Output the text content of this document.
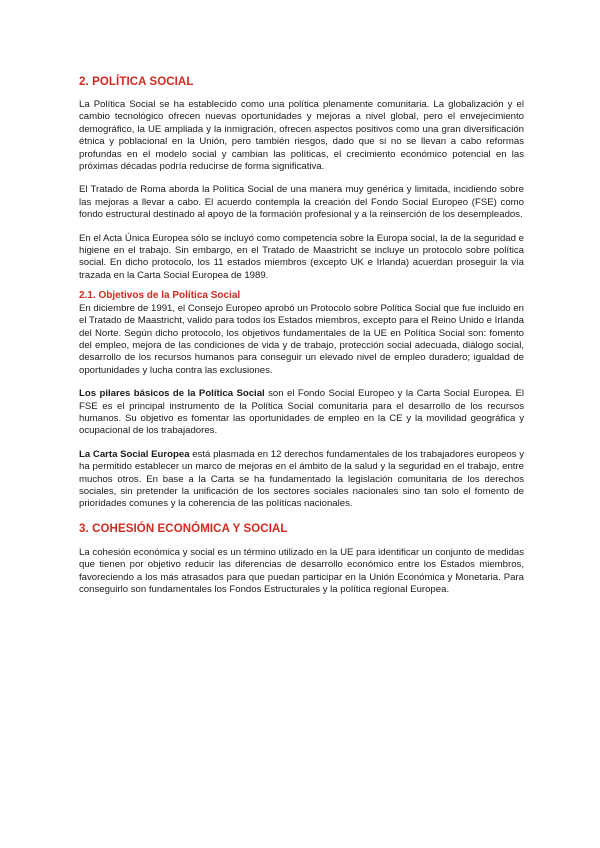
2. POLÍTICA SOCIAL

La Política Social se ha establecido como una política plenamente comunitaria. La globalización y el cambio tecnológico ofrecen nuevas oportunidades y mejoras a nivel global, pero el envejecimiento demográfico, la UE ampliada y la inmigración, ofrecen aspectos positivos como una gran diversificación étnica y poblacional en la Unión, pero también riesgos, dado que si no se llevan a cabo reformas profundas en el modelo social y cambian las políticas, el crecimiento económico potencial en las próximas décadas podría reducirse de forma significativa.

El Tratado de Roma aborda la Política Social de una manera muy genérica y limitada, incidiendo sobre las mejoras a llevar a cabo. El acuerdo contempla la creación del Fondo Social Europeo (FSE) como fondo estructural destinado al apoyo de la formación profesional y a la reinserción de los desempleados.

En el Acta Única Europea sólo se incluyó como competencia sobre la Europa social, la de la seguridad e higiene en el trabajo. Sin embargo, en el Tratado de Maastricht se incluye un protocolo sobre política social. En dicho protocolo, los 11 estados miembros (excepto UK e Irlanda) acuerdan proseguir la vía trazada en la Carta Social Europea de 1989.

2.1. Objetivos de la Política Social

En diciembre de 1991, el Consejo Europeo aprobó un Protocolo sobre Política Social que fue incluido en el Tratado de Maastricht, valido para todos los Estados miembros, excepto para el Reino Unido e Irlanda del Norte. Según dicho protocolo, los objetivos fundamentales de la UE en Política Social son: fomento del empleo, mejora de las condiciones de vida y de trabajo, protección social adecuada, diálogo social, desarrollo de los recursos humanos para conseguir un elevado nivel de empleo duradero; igualdad de oportunidades y lucha contra las exclusiones.

Los pilares básicos de la Política Social son el Fondo Social Europeo y la Carta Social Europea. El FSE es el principal instrumento de la Política Social comunitaria para el desarrollo de los recursos humanos. Su objetivo es fomentar las oportunidades de empleo en la CE y la movilidad geográfica y ocupacional de los trabajadores.

La Carta Social Europea está plasmada en 12 derechos fundamentales de los trabajadores europeos y ha permitido establecer un marco de mejoras en el ámbito de la salud y la seguridad en el trabajo, entre muchos otros. En base a la Carta se ha fundamentado la legislación comunitaria de los derechos sociales, sin pretender la unificación de los sectores sociales nacionales sino tan solo el fomento de prioridades comunes y la coherencia de las políticas nacionales.

3. COHESIÓN ECONÓMICA Y SOCIAL

La cohesión económica y social es un término utilizado en la UE para identificar un conjunto de medidas que tienen por objetivo reducir las diferencias de desarrollo económico entre los Estados miembros, favoreciendo a los más atrasados para que puedan participar en la Unión Económica y Monetaria. Para conseguirlo son fundamentales los Fondos Estructurales y la política regional Europea.
